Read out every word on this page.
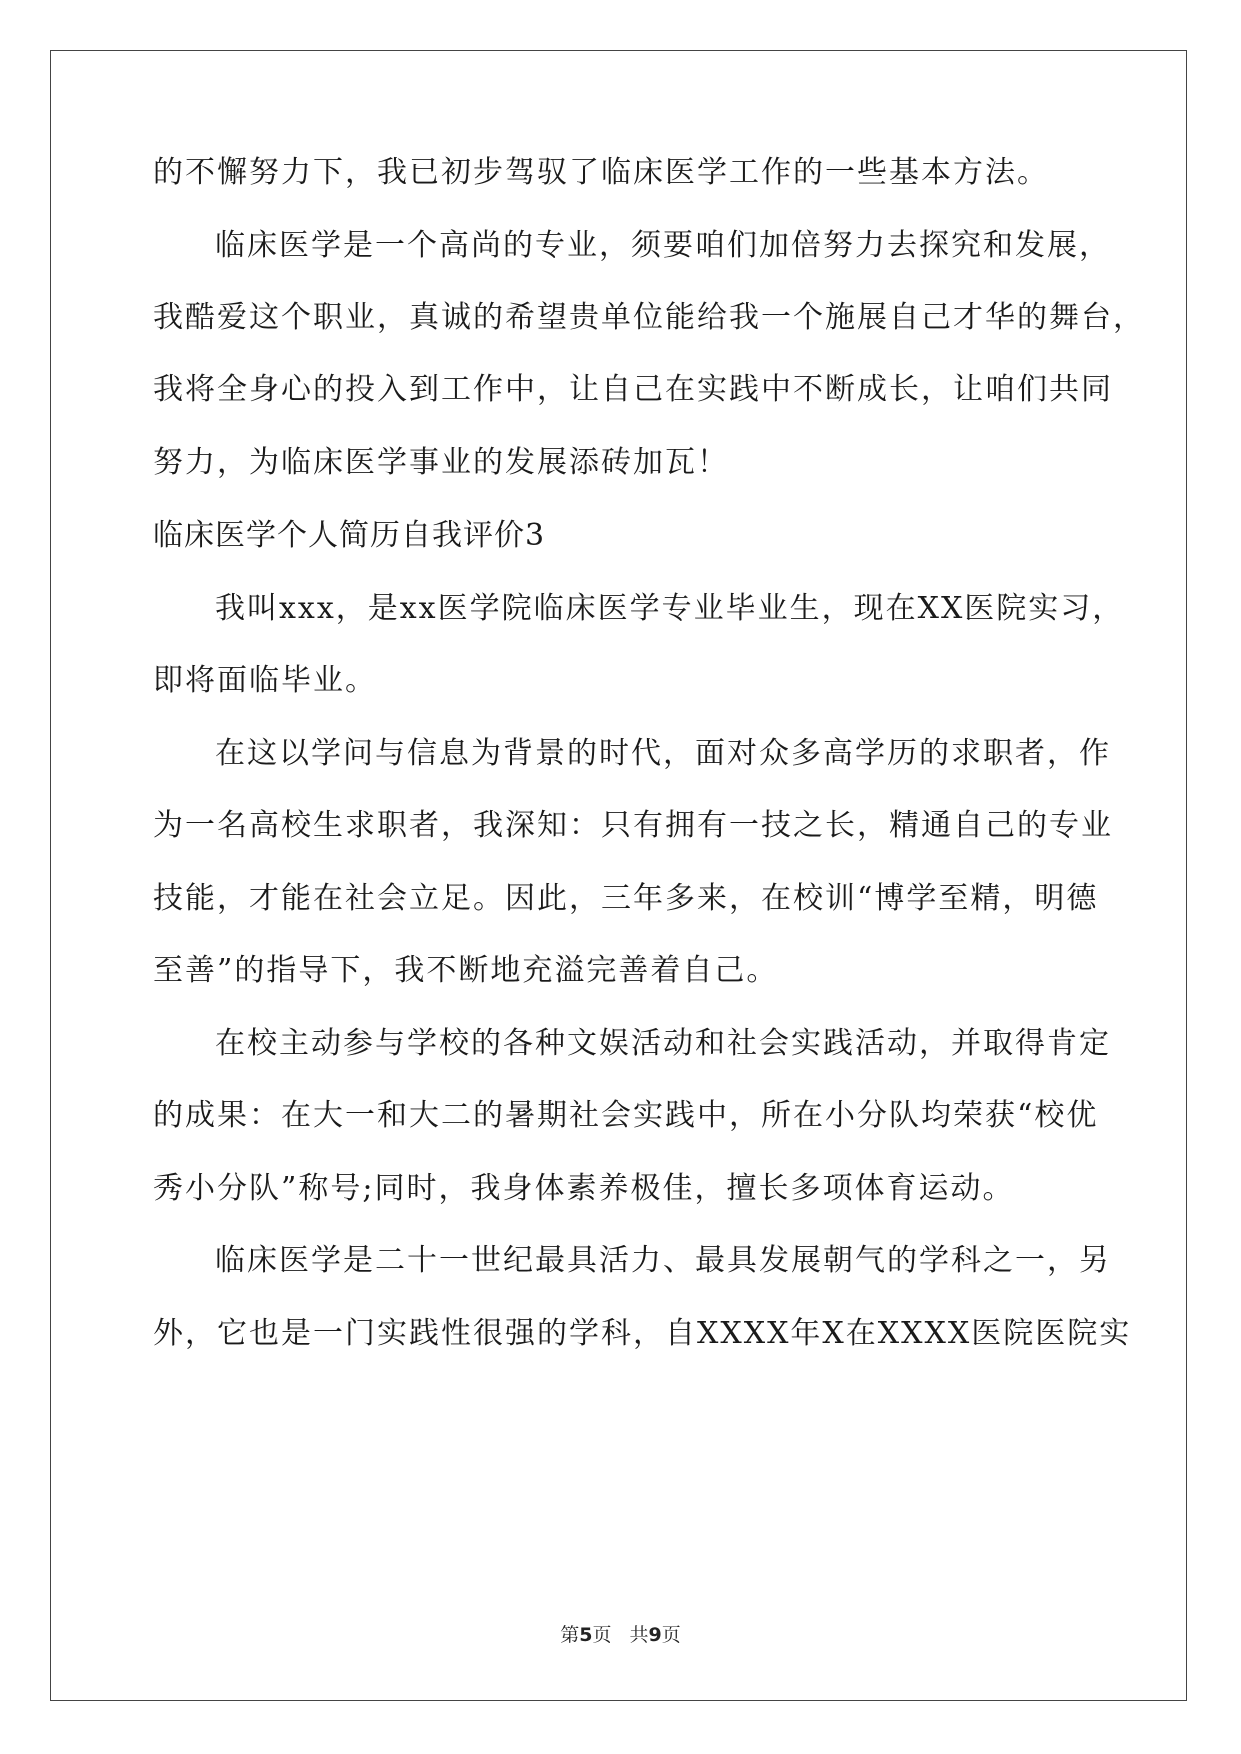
的不懈努力下，我已初步驾驭了临床医学工作的一些基本方法。
临床医学是一个高尚的专业，须要咱们加倍努力去探究和发展，
我酷爱这个职业，真诚的希望贵单位能给我一个施展自己才华的舞台，
我将全身心的投入到工作中，让自己在实践中不断成长，让咱们共同
努力，为临床医学事业的发展添砖加瓦！
临床医学个人简历自我评价3
我叫xxx，是xx医学院临床医学专业毕业生，现在XX医院实习，
即将面临毕业。
在这以学问与信息为背景的时代，面对众多高学历的求职者，作
为一名高校生求职者，我深知：只有拥有一技之长，精通自己的专业
技能，才能在社会立足。因此，三年多来，在校训“博学至精，明德
至善”的指导下，我不断地充溢完善着自己。
在校主动参与学校的各种文娱活动和社会实践活动，并取得肯定
的成果：在大一和大二的暑期社会实践中，所在小分队均荣获“校优
秀小分队”称号;同时，我身体素养极佳，擅长多项体育运动。
临床医学是二十一世纪最具活力、最具发展朝气的学科之一，另
外，它也是一门实践性很强的学科，自XXXX年X在XXXX医院医院实
第5页 共9页
